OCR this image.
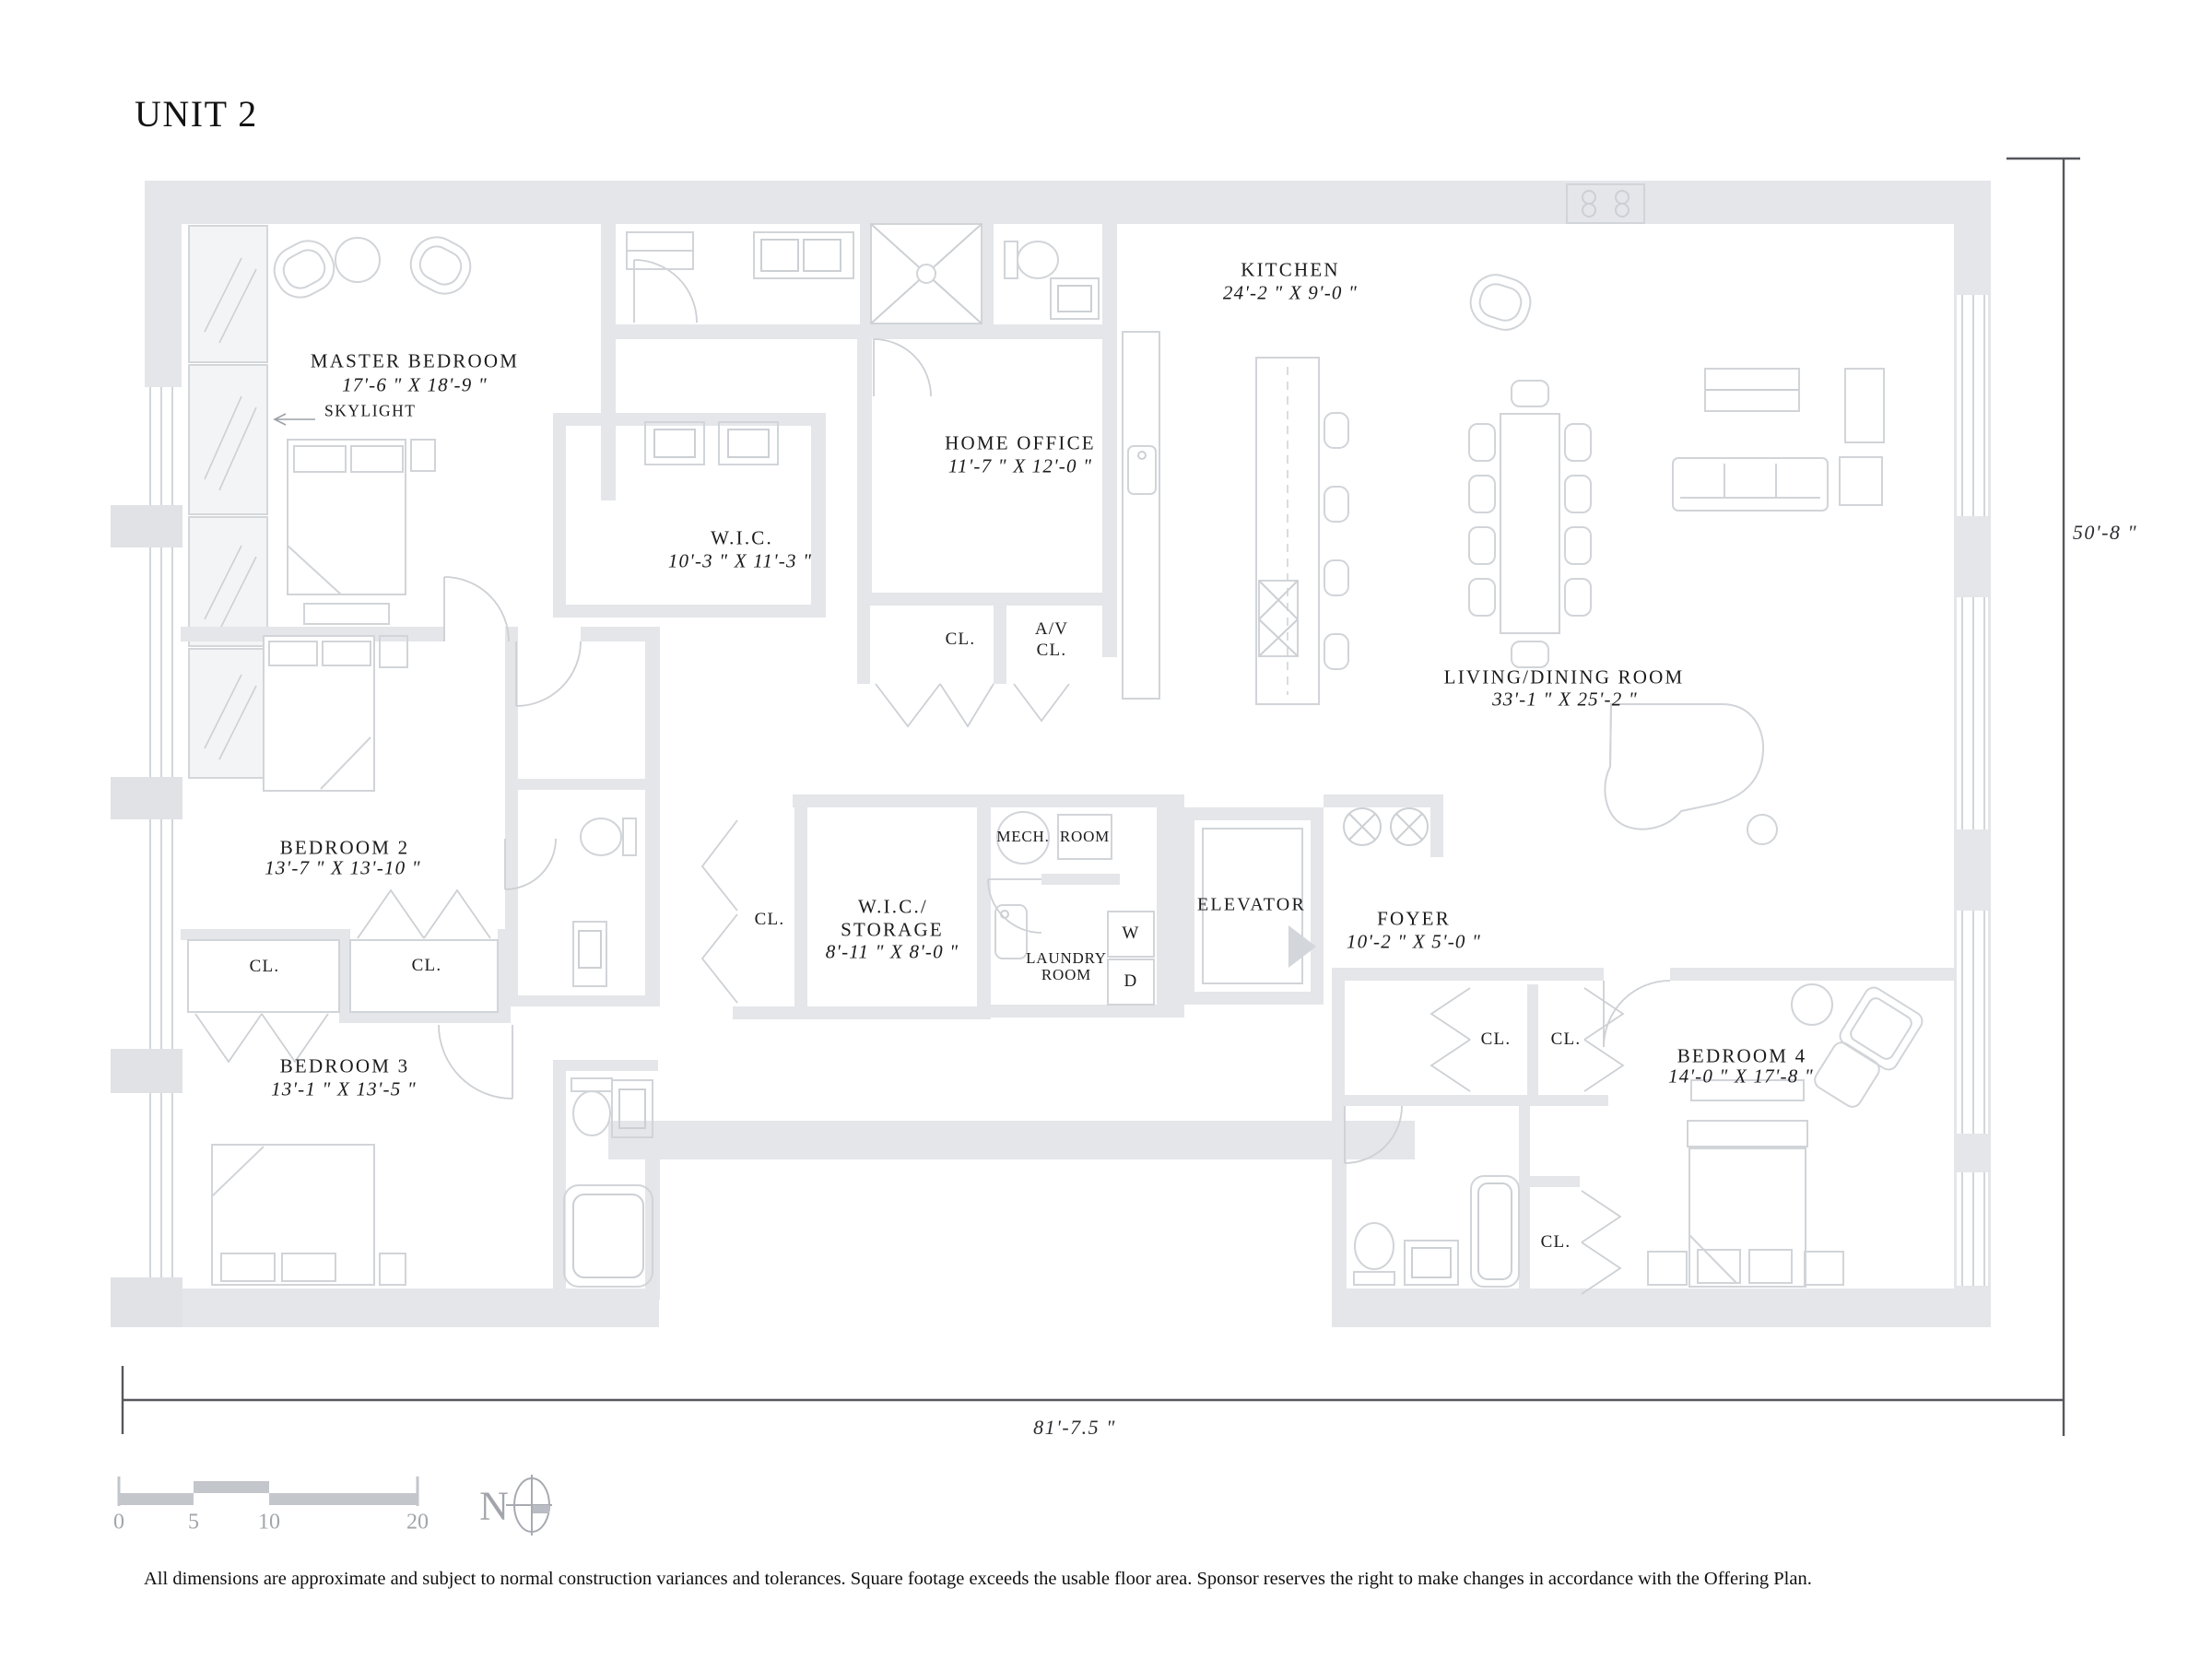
UNIT 2
MASTER BEDROOM
17'-6 " X 18'-9 "
SKYLIGHT
KITCHEN
24'-2 " X 9'-0 "
HOME OFFICE
11'-7 " X 12'-0 "
W.I.C.
10'-3 " X 11'-3 "
CL.
A/V
CL.
LIVING/DINING ROOM
33'-1 " X 25'-2 "
BEDROOM 2
13'-7 " X 13'-10 "
CL.	CL.
BEDROOM 3
13'-1 " X 13'-5 "
W.I.C./
STORAGE
8'-11 " X 8'-0 "
CL.
MECH. ROOM
LAUNDRY
ROOM
W
D
ELEVATOR
FOYER
10'-2 " X 5'-0 "
CL. CL.
BEDROOM 4
14'-0 " X 17'-8 "
CL.
50'-8 "
81'-7.5 "
0	5	10	20 N
All dimensions are approximate and subject to normal construction variances and tolerances. Square footage exceeds the usable floor area. Sponsor reserves the right to make changes in accordance with the Offering Plan.
